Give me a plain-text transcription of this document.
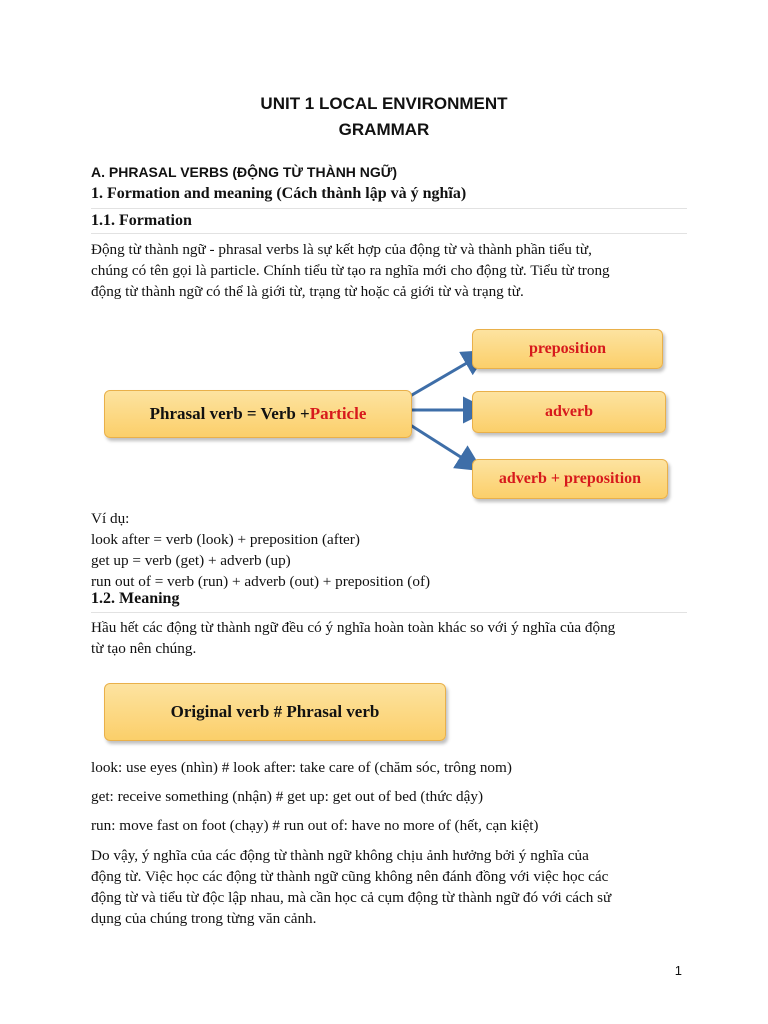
UNIT 1 LOCAL ENVIRONMENT
GRAMMAR
A. PHRASAL VERBS (ĐỘNG TỪ THÀNH NGỮ)
1. Formation and meaning (Cách thành lập và ý nghĩa)
1.1. Formation
Động từ thành ngữ - phrasal verbs là sự kết hợp của động từ và thành phần tiểu từ,
chúng có tên gọi là particle. Chính tiểu từ tạo ra nghĩa mới cho động từ. Tiểu từ trong
động từ thành ngữ có thể là giới từ, trạng từ hoặc cả giới từ và trạng từ.
Phrasal verb = Verb + Particle
preposition
adverb
adverb + preposition
Ví dụ:
look after = verb (look) + preposition (after)
get up = verb (get) + adverb (up)
run out of = verb (run) + adverb (out) + preposition (of)
1.2. Meaning
Hầu hết các động từ thành ngữ đều có ý nghĩa hoàn toàn khác so với ý nghĩa của động
từ tạo nên chúng.
Original verb # Phrasal verb
look: use eyes (nhìn) # look after: take care of (chăm sóc, trông nom)
get: receive something (nhận) # get up: get out of bed (thức dậy)
run: move fast on foot (chạy) # run out of: have no more of (hết, cạn kiệt)
Do vậy, ý nghĩa của các động từ thành ngữ không chịu ảnh hưởng bởi ý nghĩa của
động từ. Việc học các động từ thành ngữ cũng không nên đánh đồng với việc học các
động từ và tiểu từ độc lập nhau, mà cần học cả cụm động từ thành ngữ đó với cách sử
dụng của chúng trong từng văn cảnh.
1
